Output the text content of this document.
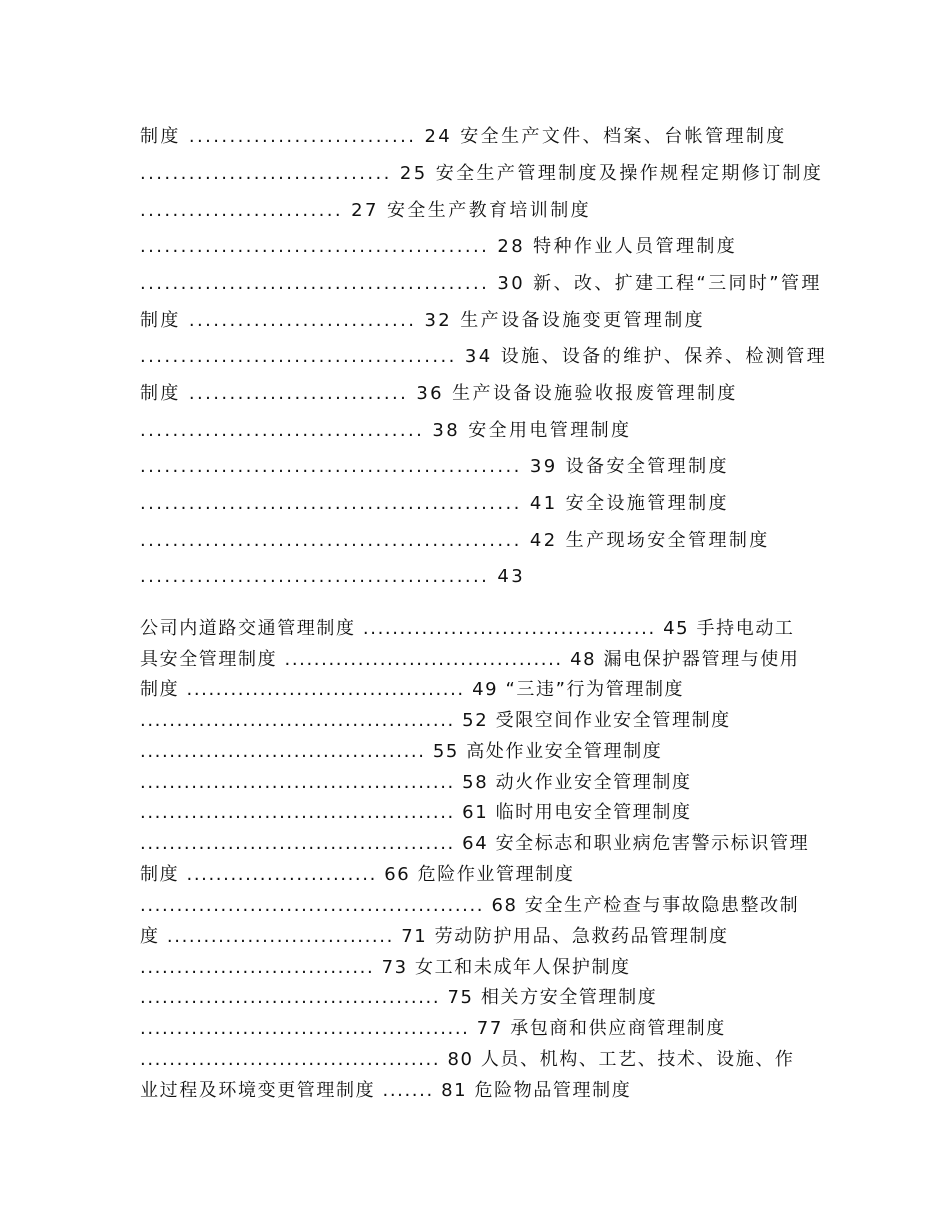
制度 ............................ 24 安全生产文件、档案、台帐管理制度
............................... 25 安全生产管理制度及操作规程定期修订制度
......................... 27 安全生产教育培训制度
........................................... 28 特种作业人员管理制度
........................................... 30 新、改、扩建工程“三同时”管理
制度 ............................ 32 生产设备设施变更管理制度
....................................... 34 设施、设备的维护、保养、检测管理
制度 ........................... 36 生产设备设施验收报废管理制度
................................... 38 安全用电管理制度
............................................... 39 设备安全管理制度
............................................... 41 安全设施管理制度
............................................... 42 生产现场安全管理制度
........................................... 43
公司内道路交通管理制度 ........................................ 45 手持电动工
具安全管理制度 ...................................... 48 漏电保护器管理与使用
制度 ...................................... 49 “三违”行为管理制度
........................................... 52 受限空间作业安全管理制度
....................................... 55 高处作业安全管理制度
........................................... 58 动火作业安全管理制度
........................................... 61 临时用电安全管理制度
........................................... 64 安全标志和职业病危害警示标识管理
制度 .......................... 66 危险作业管理制度
............................................... 68 安全生产检查与事故隐患整改制
度 ............................... 71 劳动防护用品、急救药品管理制度
................................ 73 女工和未成年人保护制度
......................................... 75 相关方安全管理制度
............................................. 77 承包商和供应商管理制度
......................................... 80 人员、机构、工艺、技术、设施、作
业过程及环境变更管理制度 ....... 81 危险物品管理制度
